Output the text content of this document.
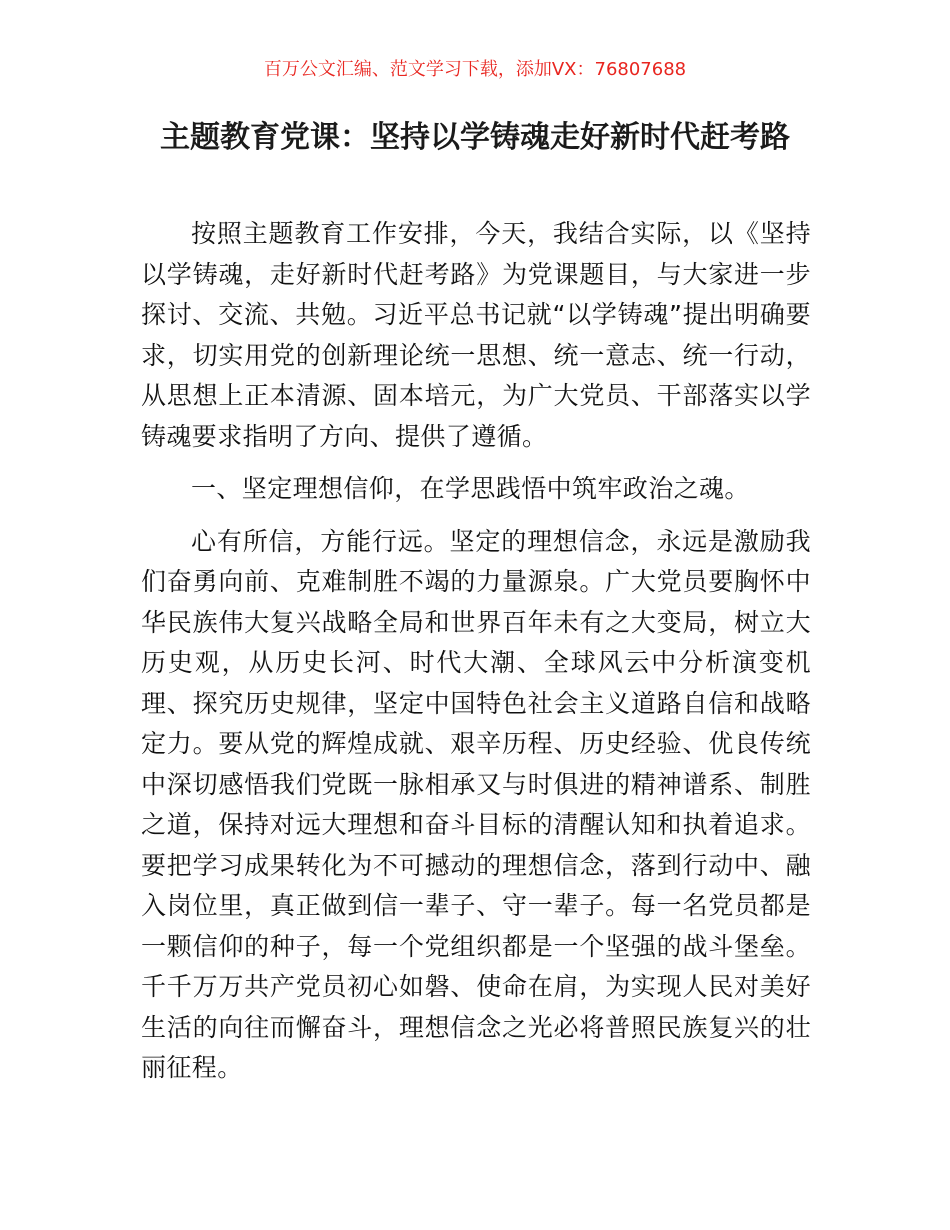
百万公文汇编、范文学习下载，添加VX：76807688
主题教育党课：坚持以学铸魂走好新时代赶考路

按照主题教育工作安排，今天，我结合实际，以《坚持以学铸魂，走好新时代赶考路》为党课题目，与大家进一步探讨、交流、共勉。习近平总书记就“以学铸魂”提出明确要求，切实用党的创新理论统一思想、统一意志、统一行动，从思想上正本清源、固本培元，为广大党员、干部落实以学铸魂要求指明了方向、提供了遵循。

一、坚定理想信仰，在学思践悟中筑牢政治之魂。

心有所信，方能行远。坚定的理想信念，永远是激励我们奋勇向前、克难制胜不竭的力量源泉。广大党员要胸怀中华民族伟大复兴战略全局和世界百年未有之大变局，树立大历史观，从历史长河、时代大潮、全球风云中分析演变机理、探究历史规律，坚定中国特色社会主义道路自信和战略定力。要从党的辉煌成就、艰辛历程、历史经验、优良传统中深切感悟我们党既一脉相承又与时俱进的精神谱系、制胜之道，保持对远大理想和奋斗目标的清醒认知和执着追求。要把学习成果转化为不可撼动的理想信念，落到行动中、融入岗位里，真正做到信一辈子、守一辈子。每一名党员都是一颗信仰的种子，每一个党组织都是一个坚强的战斗堡垒。千千万万共产党员初心如磐、使命在肩，为实现人民对美好生活的向往而懈奋斗，理想信念之光必将普照民族复兴的壮丽征程。
